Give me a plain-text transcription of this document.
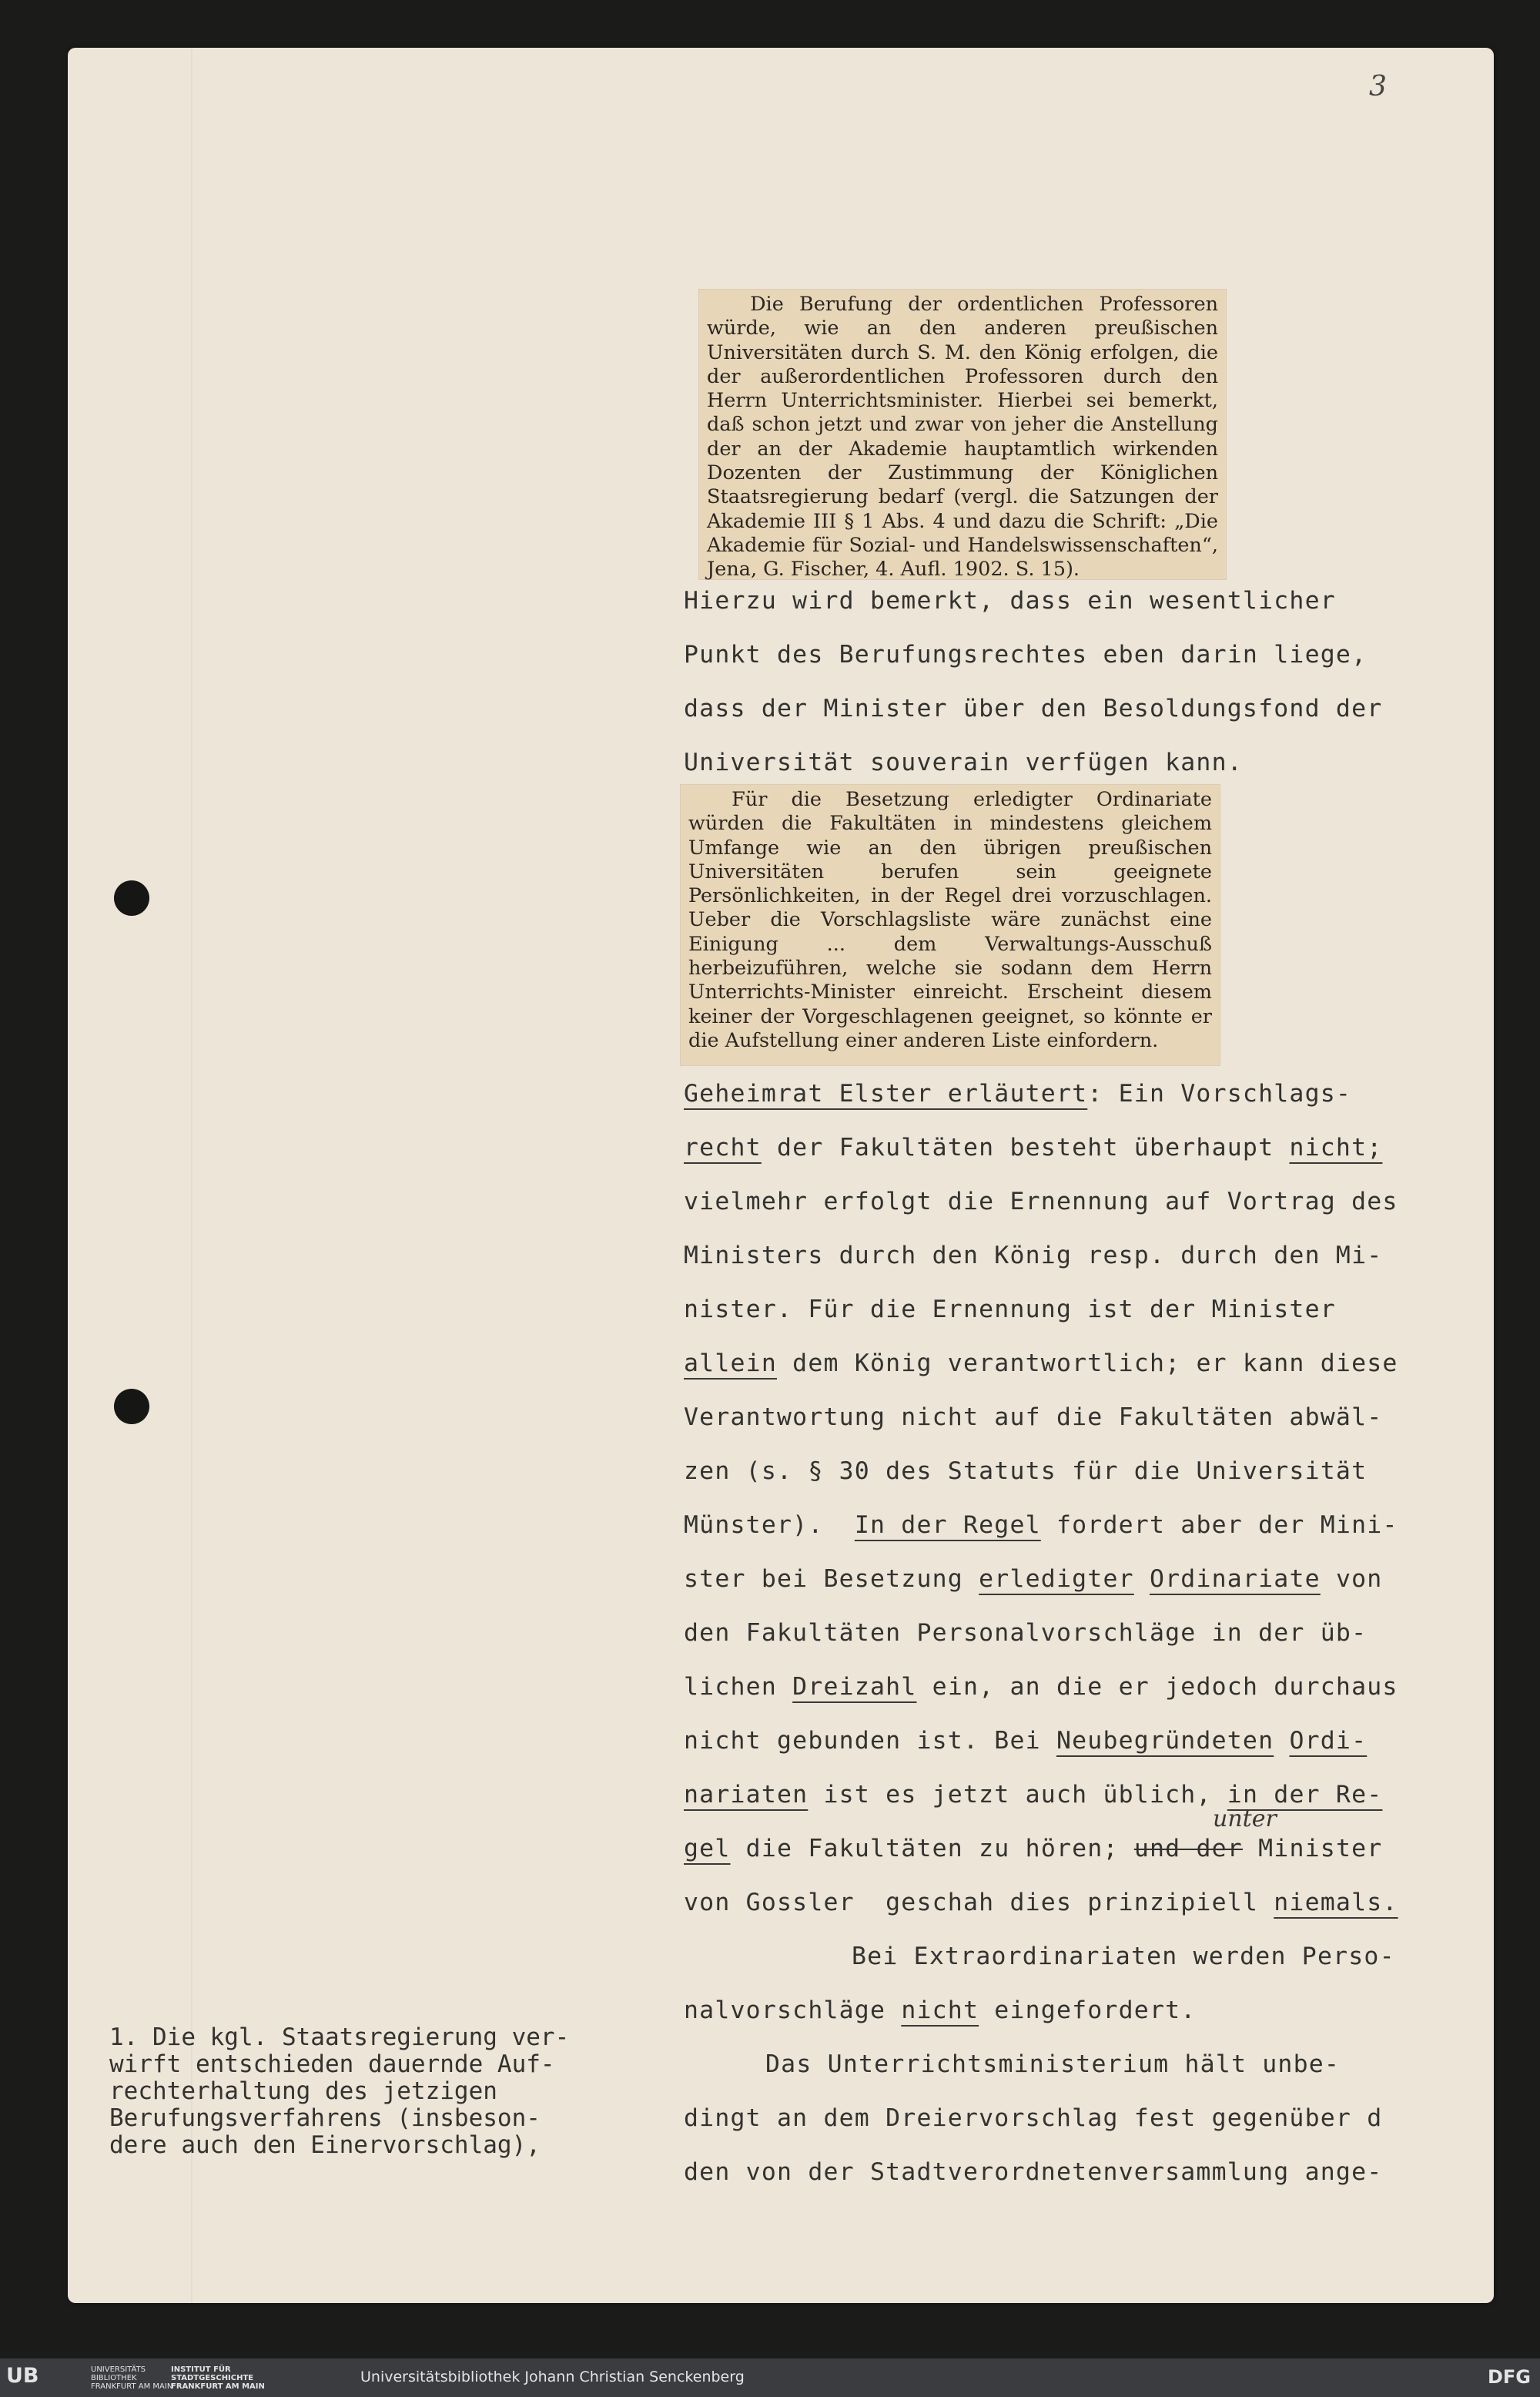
3

Die Berufung der ordentlichen Professoren würde, wie an den anderen preußischen Universitäten durch S. M. den König erfolgen, die der außerordentlichen Professoren durch den Herrn Unterrichtsminister. Hierbei sei bemerkt, daß schon jetzt und zwar von jeher die Anstellung der an der Akademie hauptamtlich wirkenden Dozenten der Zustimmung der Königlichen Staatsregierung bedarf (vergl. die Satzungen der Akademie III § 1 Abs. 4 und dazu die Schrift: „Die Akademie für Sozial- und Handelswissenschaften“, Jena, G. Fischer, 4. Aufl. 1902. S. 15).

Für die Besetzung erledigter Ordinariate würden die Fakultäten in mindestens gleichem Umfange wie an den übrigen preußischen Universitäten berufen sein geeignete Persönlichkeiten, in der Regel drei vorzuschlagen. Ueber die Vorschlagsliste wäre zunächst eine Einigung ... dem Verwaltungs-Ausschuß herbeizuführen, welche sie sodann dem Herrn Unterrichts-Minister einreicht. Erscheint diesem keiner der Vorgeschlagenen geeignet, so könnte er die Aufstellung einer anderen Liste einfordern.

Hierzu wird bemerkt, dass ein wesentlicher
Punkt des Berufungsrechtes eben darin liege,
dass der Minister über den Besoldungsfond der
Universität souverain verfügen kann.
Geheimrat Elster erläutert: Ein Vorschlags-
recht der Fakultäten besteht überhaupt nicht;
vielmehr erfolgt die Ernennung auf Vortrag des
Ministers durch den König resp. durch den Mi-
nister. Für die Ernennung ist der Minister
allein dem König verantwortlich; er kann diese
Verantwortung nicht auf die Fakultäten abwäl-
zen (s. § 30 des Statuts für die Universität
Münster).  In der Regel fordert aber der Mini-
ster bei Besetzung erledigter Ordinariate von
den Fakultäten Personalvorschläge in der üb-
lichen Dreizahl ein, an die er jedoch durchaus
nicht gebunden ist. Bei Neubegründeten Ordi-
nariaten ist es jetzt auch üblich, in der Re-
gel die Fakultäten zu hören; und der Minister
von Gossler  geschah dies prinzipiell niemals.
Bei Extraordinariaten werden Perso-
nalvorschläge nicht eingefordert.
Das Unterrichtsministerium hält unbe-
dingt an dem Dreiervorschlag fest gegenüber d
den von der Stadtverordnetenversammlung ange-
unter
1. Die kgl. Staatsregierung ver-
wirft entschieden dauernde Auf-
rechterhaltung des jetzigen
Berufungsverfahrens (insbeson-
dere auch den Einervorschlag),
UB	UNIVERSITÄTS
BIBLIOTHEK
FRANKFURT AM MAIN
INSTITUT FÜR
STADTGESCHICHTE
FRANKFURT AM MAIN
Universitätsbibliothek Johann Christian Senckenberg	DFG
